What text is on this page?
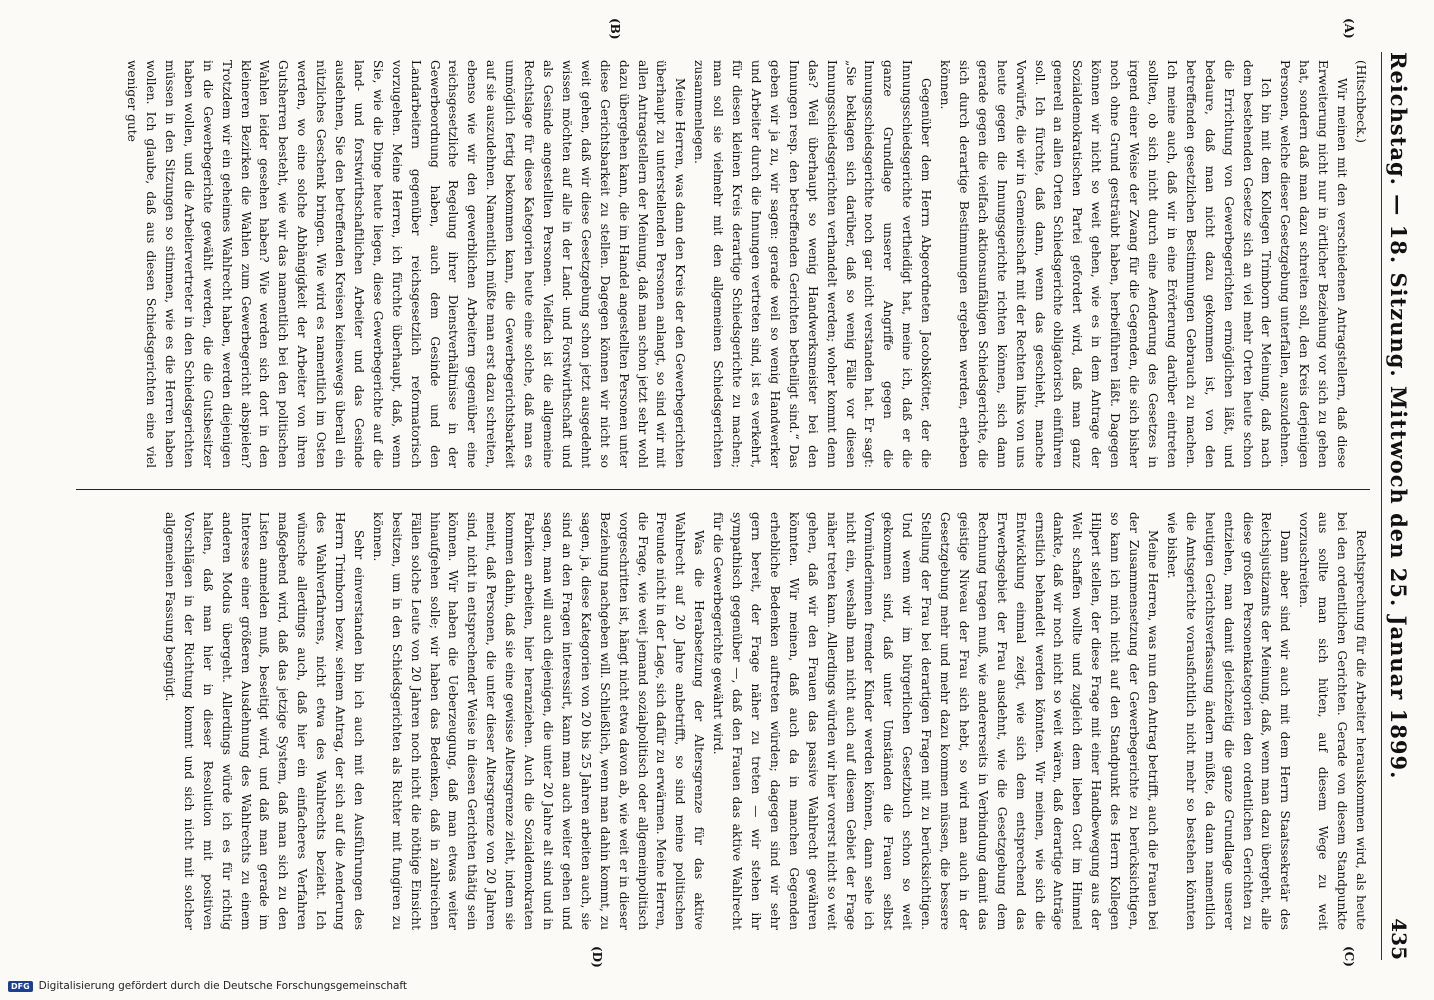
Reichstag. — 18. Sitzung. Mittwoch den 25. Januar 1899.
435
(A)
(B)
(C)
(D)

(Hitschbeck.)

Wir meinen mit den verschiedenen Antragstellern, daß diese Erweiterung nicht nur in örtlicher Beziehung vor sich zu gehen hat, sondern daß man dazu schreiten soll, den Kreis derjenigen Personen, welche dieser Gesetzgebung unterfallen, auszudehnen.

Ich bin mit dem Kollegen Trimborn der Meinung, daß nach dem bestehenden Gesetze sich an viel mehr Orten heute schon die Errichtung von Gewerbegerichten ermöglichen läßt, und bedaure, daß man nicht dazu gekommen ist, von den betreffenden gesetzlichen Bestimmungen Gebrauch zu machen. Ich meine auch, daß wir in eine Erörterung darüber eintreten sollten, ob sich nicht durch eine Aenderung des Gesetzes in irgend einer Weise der Zwang für die Gegenden, die sich bisher noch ohne Grund gesträubt haben, herbeiführen läßt. Dagegen können wir nicht so weit gehen, wie es in dem Antrage der Sozialdemokratischen Partei gefordert wird, daß man ganz generell an allen Orten Schiedsgerichte obligatorisch einführen soll. Ich fürchte, daß dann, wenn das geschieht, manche Vorwürfe, die wir in Gemeinschaft mit der Rechten links von uns heute gegen die Innungsgerichte richten können, sich dann gerade gegen die vielfach aktionsunfähigen Schiedsgerichte, die sich durch derartige Bestimmungen ergeben werden, erheben können.

Gegenüber dem Herrn Abgeordneten Jacobskötter, der die Innungsschiedsgerichte vertheidigt hat, meine ich, daß er die ganze Grundlage unserer Angriffe gegen die Innungsschiedsgerichte noch gar nicht verstanden hat. Er sagt: „Sie beklagen sich darüber, daß so wenig Fälle vor diesen Innungsschiedsgerichten verhandelt werden; woher kommt denn das? Weil überhaupt so wenig Handwerksmeister bei den Innungen resp. den betreffenden Gerichten betheiligt sind.“ Das geben wir ja zu, wir sagen: gerade weil so wenig Handwerker und Arbeiter durch die Innungen vertreten sind, ist es verkehrt, für diesen kleinen Kreis derartige Schiedsgerichte zu machen; man soll sie vielmehr mit den allgemeinen Schiedsgerichten zusammenlegen.

Meine Herren, was dann den Kreis der den Gewerbegerichten überhaupt zu unterstellenden Personen anlangt, so sind wir mit allen Antragstellern der Meinung, daß man schon jetzt sehr wohl dazu übergehen kann, die im Handel angestellten Personen unter diese Gerichtsbarkeit zu stellen. Dagegen können wir nicht so weit gehen, daß wir diese Gesetzgebung schon jetzt ausgedehnt wissen möchten auf alle in der Land- und Forstwirthschaft und als Gesinde angestellten Personen. Vielfach ist die allgemeine Rechtslage für diese Kategorien heute eine solche, daß man es unmöglich fertig bekommen kann, die Gewerbegerichtsbarkeit auf sie auszudehnen. Namentlich müßte man erst dazu schreiten, ebenso wie wir den gewerblichen Arbeitern gegenüber eine reichsgesetzliche Regelung ihrer Dienstverhältnisse in der Gewerbeordnung haben, auch dem Gesinde und den Landarbeitern gegenüber reichsgesetzlich reformatorisch vorzugehen. Meine Herren, ich fürchte überhaupt, daß, wenn Sie, wie die Dinge heute liegen, diese Gewerbegerichte auf die land- und forstwirthschaftlichen Arbeiter und das Gesinde ausdehnen, Sie den betreffenden Kreisen keineswegs überall ein nützliches Geschenk bringen. Wie wird es namentlich im Osten werden, wo eine solche Abhängigkeit der Arbeiter von ihren Gutsherren besteht, wie wir das namentlich bei den politischen Wahlen leider gesehen haben? Wie werden sich dort in den kleineren Bezirken die Wahlen zum Gewerbegericht abspielen? Trotzdem wir ein geheimes Wahlrecht haben, werden diejenigen in die Gewerbegerichte gewählt werden, die die Gutsbesitzer haben wollen, und die Arbeitervertreter in den Schiedsgerichten müssen in den Sitzungen so stimmen, wie es die Herren haben wollen. Ich glaube, daß aus diesen Schiedsgerichten eine viel weniger gute

Rechtsprechung für die Arbeiter herauskommen wird, als heute bei den ordentlichen Gerichten. Gerade von diesem Standpunkte aus sollte man sich hüten, auf diesem Wege zu weit vorzuschreiten.

Dann aber sind wir auch mit dem Herrn Staatssekretär des Reichsjustizamts der Meinung, daß, wenn man dazu übergeht, alle diese großen Personenkategorien den ordentlichen Gerichten zu entziehen, man damit gleichzeitig die ganze Grundlage unserer heutigen Gerichtsverfassung ändern müßte, da dann namentlich die Amtsgerichte vorausfichtlich nicht mehr so bestehen könnten wie bisher.

Meine Herren, was nun den Antrag betrifft, auch die Frauen bei der Zusammensetzung der Gewerbegerichte zu berücksichtigen, so kann ich mich nicht auf den Standpunkt des Herrn Kollegen Hilpert stellen, der diese Frage mit einer Handbewegung aus der Welt schaffen wollte und zugleich dem lieben Gott im Himmel dankte, daß wir noch nicht so weit wären, daß derartige Anträge ernstlich behandelt werden könnten. Wir meinen, wie sich die Entwicklung einmal zeigt, wie sich dem entsprechend das Erwerbsgebiet der Frau ausdehnt, wie die Gesetzgebung dem Rechnung tragen muß, wie andererseits in Verbindung damit das geistige Niveau der Frau sich hebt, so wird man auch in der Gesetzgebung mehr und mehr dazu kommen müssen, die bessere Stellung der Frau bei derartigen Fragen mit zu berücksichtigen. Und wenn wir im bürgerlichen Gesetzbuch schon so weit gekommen sind, daß unter Umständen die Frauen selbst Vormünderinnen fremder Kinder werden können, dann sehe ich nicht ein, weshalb man nicht auch auf diesem Gebiet der Frage näher treten kann. Allerdings würden wir hier vorerst nicht so weit gehen, daß wir den Frauen das passive Wahlrecht gewähren könnten. Wir meinen, daß auch da in manchen Gegenden erhebliche Bedenken auftreten würden; dagegen sind wir sehr gern bereit, der Frage näher zu treten — wir stehen ihr sympathisch gegenüber —, daß den Frauen das aktive Wahlrecht für die Gewerbegerichte gewährt wird.

Was die Herabsetzung der Altersgrenze für das aktive Wahlrecht auf 20 Jahre anbetrifft, so sind meine politischen Freunde nicht in der Lage, sich dafür zu erwärmen. Meine Herren, die Frage, wie weit jemand sozialpolitisch oder allgemeinpolitisch vorgeschritten ist, hängt nicht etwa davon ab, wie weit er in dieser Beziehung nachgeben will. Schließlich, wenn man dahin kommt, zu sagen, ja, diese Kategorien von 20 bis 25 Jahren arbeiten auch, sie sind an den Fragen interessirt, kann man auch weiter gehen und sagen, man will auch diejenigen, die unter 20 Jahre alt sind und in Fabriken arbeiten, hier heranziehen. Auch die Sozialdemokraten kommen dahin, daß sie eine gewisse Altersgrenze zieht, indem sie meint, daß Personen, die unter dieser Altersgrenze von 20 Jahren sind, nicht in entsprechender Weise in diesen Gerichten thätig sein können. Wir haben die Ueberzeugung, daß man etwas weiter hinaufgehen solle; wir haben das Bedenken, daß in zahlreichen Fällen solche Leute von 20 Jahren noch nicht die nöthige Einsicht besitzen, um in den Schiedsgerichten als Richter mit fungiren zu können.

Sehr einverstanden bin ich auch mit den Ausführungen des Herrn Trimborn bezw. seinem Antrag, der sich auf die Aenderung des Wahlverfahrens, nicht etwa des Wahlrechts bezieht. Ich wünsche allerdings auch, daß hier ein einfacheres Verfahren maßgebend wird, daß das jetzige System, daß man sich zu den Listen anmelden muß, beseitigt wird, und daß man gerade im Interesse einer größeren Ausdehnung des Wahlrechts zu einem anderen Modus übergeht. Allerdings würde ich es für richtig halten, daß man hier in dieser Resolution mit positiven Vorschlägen in der Richtung kommt und sich nicht mit solcher allgemeinen Fassung begnügt.

DFG Digitalisierung gefördert durch die Deutsche Forschungsgemeinschaft
